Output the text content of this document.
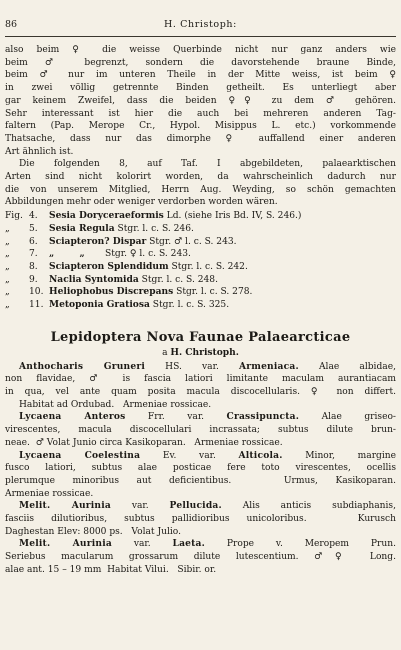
86	H. Christoph:

also beim ♀ die weisse Querbinde nicht nur ganz anders wie

beim ♂ begrenzt, sondern die davorstehende braune Binde,

beim ♂ nur im unteren Theile in der Mitte weiss, ist beim ♀

in zwei völlig getrennte Binden getheilt. Es unterliegt aber

gar keinem Zweifel, dass die beiden ♀♀ zu dem ♂ gehören.

Sehr interessant ist hier die auch bei mehreren anderen Tag-

faltern (Pap. Merope Cr., Hypol. Misippus L. etc.) vorkommende

Thatsache, dass nur das dimorphe ♀ auffallend einer anderen

Art ähnlich ist.

Die folgenden 8, auf Taf. I abgebildeten, palaearktischen

Arten sind nicht kolorirt worden, da wahrscheinlich dadurch nur

die von unserem Mitglied, Herrn Aug. Weyding, so schön gemachten

Abbildungen mehr oder weniger verdorben worden wären.

Fig. 4.	Sesia Doryceraeformis Ld. (siehe Iris Bd. IV, S. 246.)
„ 5.	Sesia Regula Stgr. l. c. S. 246.
„ 6.	Sciapteron? Dispar Stgr. ♂ l. c. S. 243.
„ 7.	„        „ Stgr. ♀ l. c. S. 243.
„ 8.	Sciapteron Splendidum Stgr. l. c. S. 242.
„ 9.	Naclia Syntomida Stgr. l. c. S. 248.
„ 10. Heliophobus Discrepans Stgr. l. c. S. 278.
„ 11. Metoponia Gratiosa Stgr. l. c. S. 325.
Lepidoptera Nova Faunae Palaearcticae
a H. Christoph.

Anthocharis Gruneri HS. var. Armeniaca. Alae albidae,

non flavidae, ♂ is fascia latiori limitante maculam aurantiacam

in qua, vel ante quam posita macula discocellularis. ♀ non differt.

Habitat ad Ordubad.   Armeniae rossicae.

Lycaena Anteros Frr. var. Crassipuncta. Alae griseo-

virescentes, macula discocellulari incrassata; subtus dilute brun-

neae.  ♂ Volat Junio circa Kasikoparan.   Armeniae rossicae.

Lycaena Coelestina Ev. var. Alticola. Minor, margine

fusco latiori, subtus alae posticae fere toto virescentes, ocellis

plerumque minoribus aut deficientibus.   Urmus, Kasikoparan.

Armeniae rossicae.

Melit. Aurinia var. Pellucida. Alis anticis subdiaphanis,

fasciis dilutioribus, subtus pallidioribus unicoloribus.   Kurusch

Daghestan Elev: 8000 ps.   Volat Julio.

Melit. Aurinia var. Laeta. Prope v. Meropem Prun.

Seriebus macularum grossarum dilute lutescentium. ♂♀ Long.

alae ant. 15 – 19 mm  Habitat Vilui.   Sibir. or.
